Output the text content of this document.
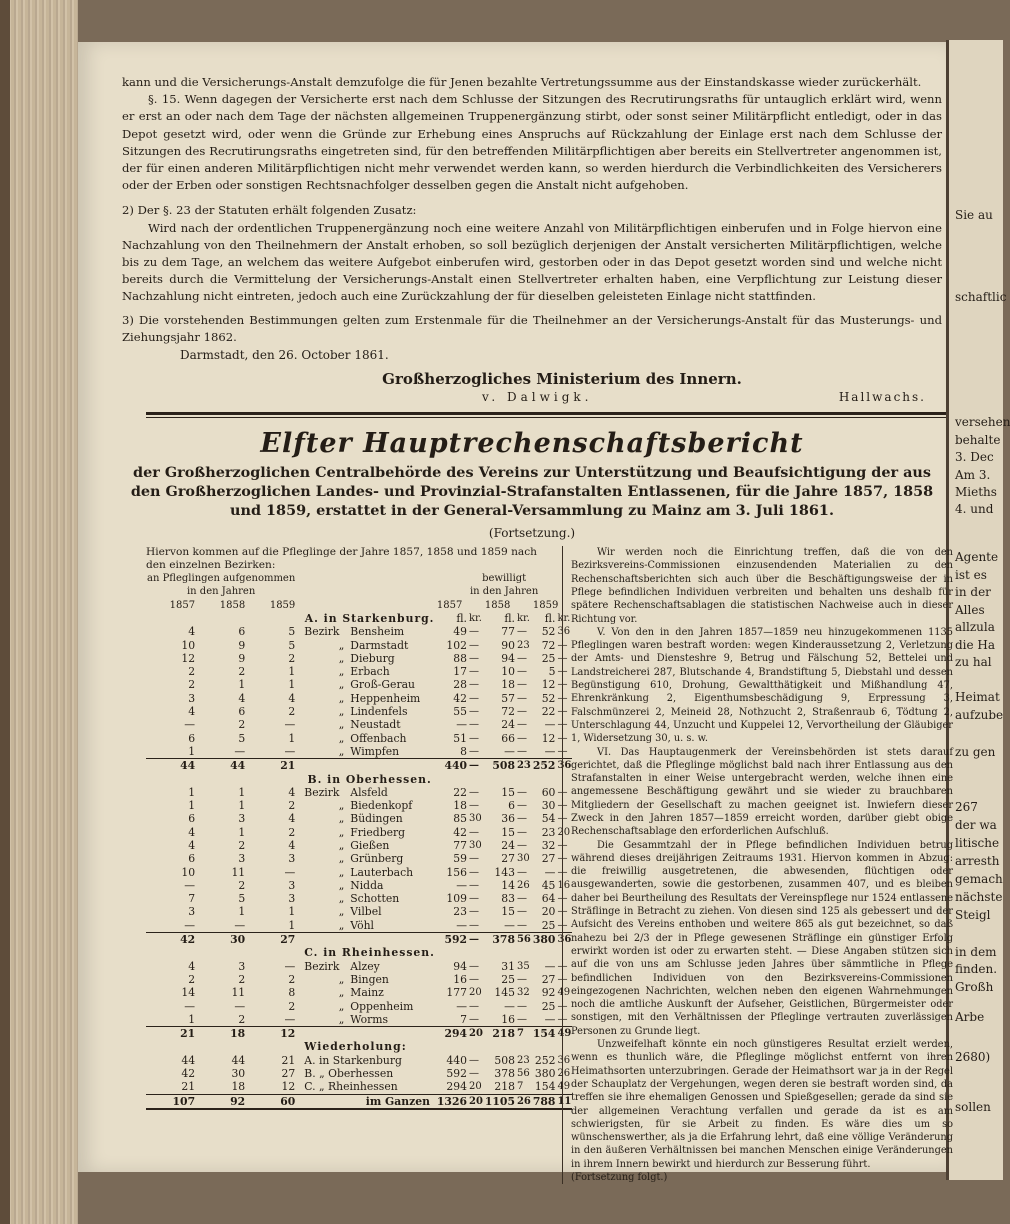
Sie au
schaftlic
versehen
behalte
3. Dec
Am 3.
Mieths
4. und
Agente
ist es
in der
Alles
allzula
die Ha
zu hal
Heimat
aufzube
zu gen
267
der wa
litische
arresth
gemach
nächste
Steigl
in dem
finden.
Großh
Arbe
2680)
sollen

kann und die Versicherungs-Anstalt demzufolge die für Jenen bezahlte Vertretungssumme aus der Einstandskasse wieder zurückerhält.

§. 15. Wenn dagegen der Versicherte erst nach dem Schlusse der Sitzungen des Recrutirungsraths für untauglich erklärt wird, wenn er erst an oder nach dem Tage der nächsten allgemeinen Truppenergänzung stirbt, oder sonst seiner Militärpflicht entledigt, oder in das Depot gesetzt wird, oder wenn die Gründe zur Erhebung eines Anspruchs auf Rückzahlung der Einlage erst nach dem Schlusse der Sitzungen des Recrutirungsraths eingetreten sind, für den betreffenden Militärpflichtigen aber bereits ein Stellvertreter angenommen ist, der für einen anderen Militärpflichtigen nicht mehr verwendet werden kann, so werden hierdurch die Verbindlichkeiten des Versicherers oder der Erben oder sonstigen Rechtsnachfolger desselben gegen die Anstalt nicht aufgehoben.

2) Der §. 23 der Statuten erhält folgenden Zusatz:

Wird nach der ordentlichen Truppenergänzung noch eine weitere Anzahl von Militärpflichtigen einberufen und in Folge hiervon eine Nachzahlung von den Theilnehmern der Anstalt erhoben, so soll bezüglich derjenigen der Anstalt versicherten Militärpflichtigen, welche bis zu dem Tage, an welchem das weitere Aufgebot einberufen wird, gestorben oder in das Depot gesetzt worden sind und welche nicht bereits durch die Vermittelung der Versicherungs-Anstalt einen Stellvertreter erhalten haben, eine Verpflichtung zur Leistung dieser Nachzahlung nicht eintreten, jedoch auch eine Zurückzahlung der für dieselben geleisteten Einlage nicht stattfinden.

3) Die vorstehenden Bestimmungen gelten zum Erstenmale für die Theilnehmer an der Versicherungs-Anstalt für das Musterungs- und Ziehungsjahr 1862.

Darmstadt, den 26. October 1861.
Großherzogliches Ministerium des Innern.
v. Dalwigk.	Hallwachs.
Elfter Hauptrechenschaftsbericht
der Großherzoglichen Centralbehörde des Vereins zur Unterstützung und Beaufsichtigung der aus den Großherzoglichen Landes- und Provinzial-Strafanstalten Entlassenen, für die Jahre 1857, 1858 und 1859, erstattet in der General-Versammlung zu Mainz am 3. Juli 1861.
(Fortsetzung.)

Hiervon kommen auf die Pfleglinge der Jahre 1857, 1858 und 1859 nach den einzelnen Bezirken:

an Pfleglingen aufgenommen					bewilligt					
in den Jahren					in den Jahren					
1857	1858	1859			1857		1858		1859	
				A. in Starkenburg.	fl.	kr.	fl.	kr.	fl.	kr.
4	6	5		Bezirk Bensheim	49	—	77	—	52	36
10	9	5		„ Darmstadt	102	—	90	23	72	—
12	9	2		„ Dieburg	88	—	94	—	25	—
2	2	1		„ Erbach	17	—	10	—	5	—
2	1	1		„ Groß-Gerau	28	—	18	—	12	—
3	4	4		„ Heppenheim	42	—	57	—	52	—
4	6	2		„ Lindenfels	55	—	72	—	22	—
—	2	—		„ Neustadt	—	—	24	—	—	—
6	5	1		„ Offenbach	51	—	66	—	12	—
1	—	—		„ Wimpfen	8	—	—	—	—	—
44	44	21			440	—	508	23	252	36
				B. in Oberhessen.						
1	1	4		Bezirk Alsfeld	22	—	15	—	60	—
1	1	2		„ Biedenkopf	18	—	6	—	30	—
6	3	4		„ Büdingen	85	30	36	—	54	—
4	1	2		„ Friedberg	42	—	15	—	23	20
4	2	4		„ Gießen	77	30	24	—	32	—
6	3	3		„ Grünberg	59	—	27	30	27	—
10	11	—		„ Lauterbach	156	—	143	—	—	—
—	2	3		„ Nidda	—	—	14	26	45	16
7	5	3		„ Schotten	109	—	83	—	64	—
3	1	1		„ Vilbel	23	—	15	—	20	—
—	—	1		„ Vöhl	—	—	—	—	25	—
42	30	27			592	—	378	56	380	36
				C. in Rheinhessen.						
4	3	—		Bezirk Alzey	94	—	31	35	—	—
2	2	2		„ Bingen	16	—	25	—	27	—
14	11	8		„ Mainz	177	20	145	32	92	49
—	—	2		„ Oppenheim	—	—	—	—	25	—
1	2	—		„ Worms	7	—	16	—	—	—
21	18	12			294	20	218	7	154	49
				Wiederholung:						
44	44	21		A. in Starkenburg	440	—	508	23	252	36
42	30	27		B. „ Oberhessen	592	—	378	56	380	26
21	18	12		C. „ Rheinhessen	294	20	218	7	154	49
107	92	60		im Ganzen	1326	20	1105	26	788	11

Wir werden noch die Einrichtung treffen, daß die von den Bezirksvereins-Commissionen einzusendenden Materialien zu den Rechenschaftsberichten sich auch über die Beschäftigungsweise der in Pflege befindlichen Individuen verbreiten und behalten uns deshalb für spätere Rechenschaftsablagen die statistischen Nachweise auch in dieser Richtung vor.

V. Von den in den Jahren 1857—1859 neu hinzugekommenen 1135 Pfleglingen waren bestraft worden: wegen Kinderaussetzung 2, Verletzung der Amts- und Diensteshre 9, Betrug und Fälschung 52, Bettelei und Landstreicherei 287, Blutschande 4, Brandstiftung 5, Diebstahl und dessen Begünstigung 610, Drohung, Gewaltthätigkeit und Mißhandlung 47, Ehrenkränkung 2, Eigenthumsbeschädigung 9, Erpressung 3, Falschmünzerei 2, Meineid 28, Nothzucht 2, Straßenraub 6, Tödtung 2, Unterschlagung 44, Unzucht und Kuppelei 12, Vervortheilung der Gläubiger 1, Widersetzung 30, u. s. w.

VI. Das Hauptaugenmerk der Vereinsbehörden ist stets darauf gerichtet, daß die Pfleglinge möglichst bald nach ihrer Entlassung aus den Strafanstalten in einer Weise untergebracht werden, welche ihnen eine angemessene Beschäftigung gewährt und sie wieder zu brauchbaren Mitgliedern der Gesellschaft zu machen geeignet ist. Inwiefern dieser Zweck in den Jahren 1857—1859 erreicht worden, darüber giebt obige Rechenschaftsablage den erforderlichen Aufschluß.

Die Gesammtzahl der in Pflege befindlichen Individuen betrug während dieses dreijährigen Zeitraums 1931. Hiervon kommen in Abzug: die freiwillig ausgetretenen, die abwesenden, flüchtigen oder ausgewanderten, sowie die gestorbenen, zusammen 407, und es bleiben daher bei Beurtheilung des Resultats der Vereinspflege nur 1524 entlassene Sträflinge in Betracht zu ziehen. Von diesen sind 125 als gebessert und der Aufsicht des Vereins enthoben und weitere 865 als gut bezeichnet, so daß nahezu bei 2/3 der in Pflege gewesenen Sträflinge ein günstiger Erfolg erwirkt worden ist oder zu erwarten steht. — Diese Angaben stützen sich auf die von uns am Schlusse jeden Jahres über sämmtliche in Pflege befindlichen Individuen von den Bezirksvereins-Commissionen eingezogenen Nachrichten, welchen neben den eigenen Wahrnehmungen noch die amtliche Auskunft der Aufseher, Geistlichen, Bürgermeister oder sonstigen, mit den Verhältnissen der Pfleglinge vertrauten zuverlässigen Personen zu Grunde liegt.

Unzweifelhaft könnte ein noch günstigeres Resultat erzielt werden, wenn es thunlich wäre, die Pfleglinge möglichst entfernt von ihren Heimathsorten unterzubringen. Gerade der Heimathsort war ja in der Regel der Schauplatz der Vergehungen, wegen deren sie bestraft worden sind, da treffen sie ihre ehemaligen Genossen und Spießgesellen; gerade da sind sie der allgemeinen Verachtung verfallen und gerade da ist es am schwierigsten, für sie Arbeit zu finden. Es wäre dies um so wünschenswerther, als ja die Erfahrung lehrt, daß eine völlige Veränderung in den äußeren Verhältnissen bei manchen Menschen einige Veränderungen in ihrem Innern bewirkt und hierdurch zur Besserung führt.

(Fortsetzung folgt.)
